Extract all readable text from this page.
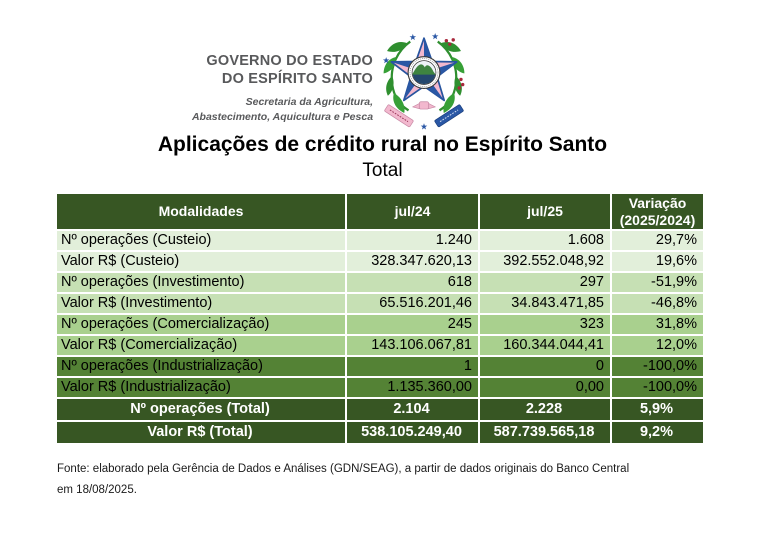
GOVERNO DO ESTADO
DO ESPÍRITO SANTO
Secretaria da Agricultura,
Abastecimento, Aquicultura e Pesca
Aplicações de crédito rural no Espírito Santo
Total
Modalidades	jul/24	jul/25	Variação
(2025/2024)
Nº operações (Custeio)	1.240	1.608	29,7%
Valor R$ (Custeio)	328.347.620,13	392.552.048,92	19,6%
Nº operações (Investimento)	618	297	-51,9%
Valor R$ (Investimento)	65.516.201,46	34.843.471,85	-46,8%
Nº operações (Comercialização)	245	323	31,8%
Valor R$ (Comercialização)	143.106.067,81	160.344.044,41	12,0%
Nº operações (Industrialização)	1	0	-100,0%
Valor R$ (Industrialização)	1.135.360,00	0,00	-100,0%
Nº operações (Total)	2.104	2.228	5,9%
Valor R$ (Total)	538.105.249,40	587.739.565,18	9,2%

Fonte: elaborado pela Gerência de Dados e Análises (GDN/SEAG), a partir de dados originais do Banco Central
em 18/08/2025.
